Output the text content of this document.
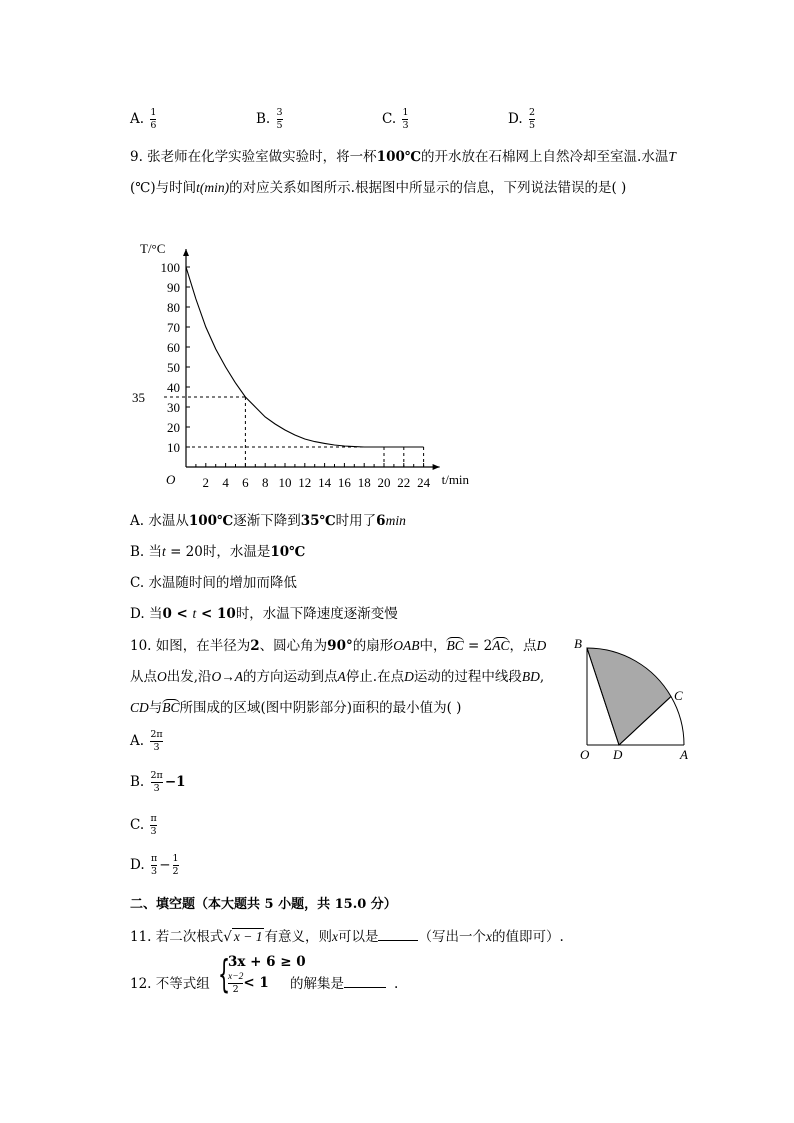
A. $\frac{1}{6}$	B. $\frac{3}{5}$	C. $\frac{1}{3}$	D. $\frac{2}{5}$
9. 张老师在化学实验室做实验时，将一杯100℃的开水放在石棉网上自然冷却至室温.水温T
(℃)与时间t(min)的对应关系如图所示.根据图中所显示的信息，下列说法错误的是( )
2 4 6 8 10 12 14 16 18 20 22 24
10
20
30
40
50
60
70
80
90
100
O	t/min
T/°C
35
A. 水温从100℃逐渐下降到35℃时用了6min
B. 当t = 20时，水温是10℃
C. 水温随时间的增加而降低
D. 当0 < t < 10时，水温下降速度逐渐变慢
10. 如图，在半径为2、圆心角为90°的扇形OAB中，BC = 2AC，点D
从点O出发,沿O→A的方向运动到点A停止.在点D运动的过程中线段BD,
CD与BC所围成的区域(图中阴影部分)面积的最小值为( )
A. $\frac{2\pi}{3}$
B. $\frac{2\pi}{3} -1$
C. $\frac{\pi}{3}$
D. $\frac{\pi}{3} - \frac{1}{2}$
B
C
O D	A
二、填空题（本大题共 5 小题，共 15.0 分）
11. 若二次根式√ x − 1 有意义，则x可以是	（写出一个x的值即可）.
12. 不等式组 {
3x + 6 ≥ 0
$\frac{x-2}{2} < 1$ 的解集是	.
